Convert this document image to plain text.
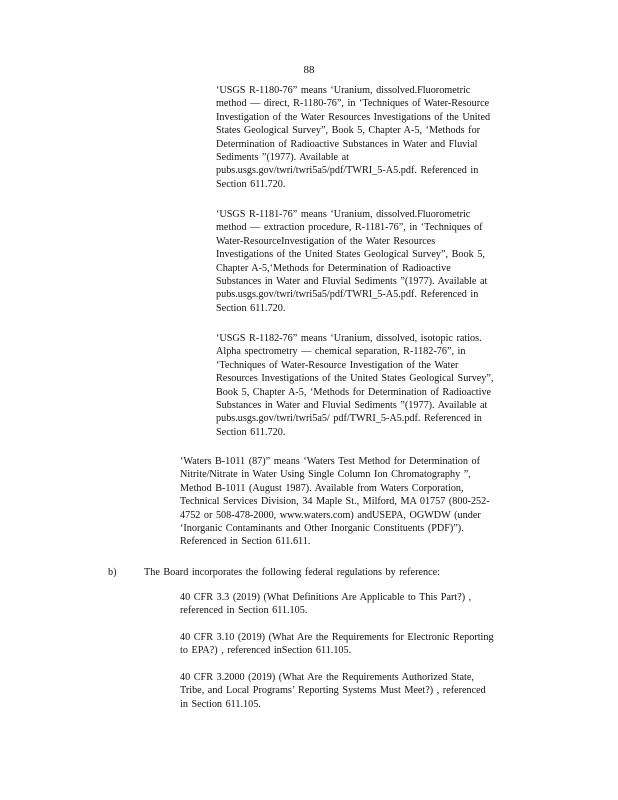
88
‘USGS R-1180-76” means ‘Uranium, dissolved.Fluorometric
method — direct, R-1180-76”, in ‘Techniques of Water-Resource
Investigation of the Water Resources Investigations of the United
States Geological Survey”, Book 5, Chapter A-5, ‘Methods for
Determination of Radioactive Substances in Water and Fluvial
Sediments ”(1977). Available at
pubs.usgs.gov/twri/twri5a5/pdf/TWRI_5-A5.pdf. Referenced in
Section 611.720.
‘USGS R-1181-76” means ‘Uranium, dissolved.Fluorometric
method — extraction procedure, R-1181-76”, in ‘Techniques of
Water-ResourceInvestigation of the Water Resources
Investigations of the United States Geological Survey”, Book 5,
Chapter A-5,‘Methods for Determination of Radioactive
Substances in Water and Fluvial Sediments ”(1977). Available at
pubs.usgs.gov/twri/twri5a5/pdf/TWRI_5-A5.pdf. Referenced in
Section 611.720.
‘USGS R-1182-76” means ‘Uranium, dissolved, isotopic ratios.
Alpha spectrometry — chemical separation, R-1182-76”, in
‘Techniques of Water-Resource Investigation of the Water
Resources Investigations of the United States Geological Survey”,
Book 5, Chapter A-5, ‘Methods for Determination of Radioactive
Substances in Water and Fluvial Sediments ”(1977). Available at
pubs.usgs.gov/twri/twri5a5/ pdf/TWRI_5-A5.pdf. Referenced in
Section 611.720.
‘Waters B-1011 (87)” means ‘Waters Test Method for Determination of
Nitrite/Nitrate in Water Using Single Column Ion Chromatography ”,
Method B-1011 (August 1987). Available from Waters Corporation,
Technical Services Division, 34 Maple St., Milford, MA 01757 (800-252-
4752 or 508-478-2000, www.waters.com) andUSEPA, OGWDW (under
‘Inorganic Contaminants and Other Inorganic Constituents (PDF)”).
Referenced in Section 611.611.
b)	The Board incorporates the following federal regulations by reference:
40 CFR 3.3 (2019) (What Definitions Are Applicable to This Part?) ,
referenced in Section 611.105.
40 CFR 3.10 (2019) (What Are the Requirements for Electronic Reporting
to EPA?) , referenced inSection 611.105.
40 CFR 3.2000 (2019) (What Are the Requirements Authorized State,
Tribe, and Local Programs’ Reporting Systems Must Meet?) , referenced
in Section 611.105.
